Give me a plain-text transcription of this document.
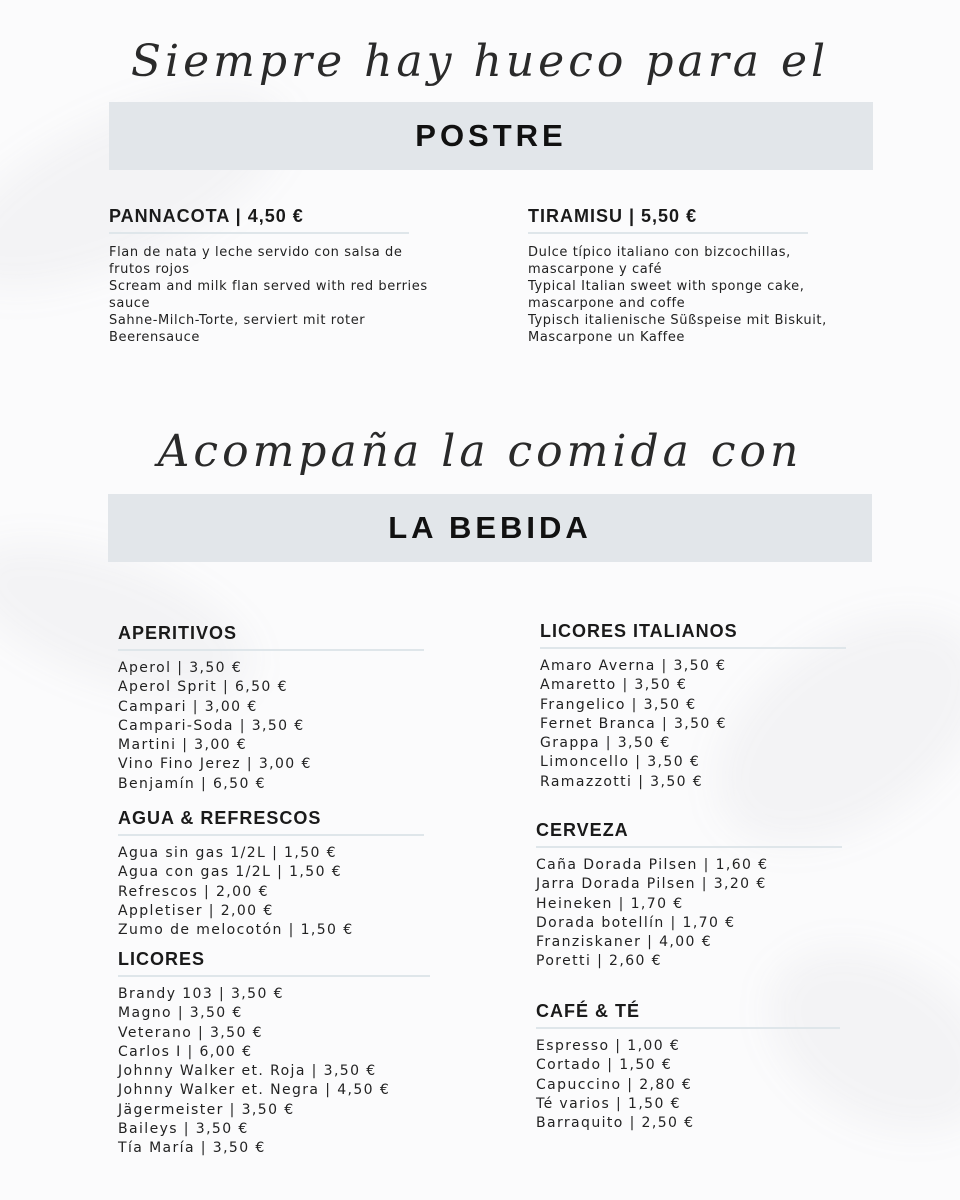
Siempre hay hueco para el
POSTRE
PANNACOTA | 4,50 €
Flan de nata y leche servido con salsa de
frutos rojos
Scream and milk flan served with red berries
sauce
Sahne-Milch-Torte, serviert mit roter
Beerensauce
TIRAMISU | 5,50 €
Dulce típico italiano con bizcochillas,
mascarpone y café
Typical Italian sweet with sponge cake,
mascarpone and coffe
Typisch italienische Süßspeise mit Biskuit,
Mascarpone un Kaffee
Acompaña la comida con
LA BEBIDA
APERITIVOS
Aperol | 3,50 €
Aperol Sprit | 6,50 €
Campari | 3,00 €
Campari-Soda | 3,50 €
Martini | 3,00 €
Vino Fino Jerez | 3,00 €
Benjamín | 6,50 €
AGUA & REFRESCOS
Agua sin gas 1/2L | 1,50 €
Agua con gas 1/2L | 1,50 €
Refrescos | 2,00 €
Appletiser | 2,00 €
Zumo de melocotón | 1,50 €
LICORES
Brandy 103 | 3,50 €
Magno | 3,50 €
Veterano | 3,50 €
Carlos I | 6,00 €
Johnny Walker et. Roja | 3,50 €
Johnny Walker et. Negra | 4,50 €
Jägermeister | 3,50 €
Baileys | 3,50 €
Tía María | 3,50 €
LICORES ITALIANOS
Amaro Averna | 3,50 €
Amaretto | 3,50 €
Frangelico | 3,50 €
Fernet Branca | 3,50 €
Grappa | 3,50 €
Limoncello | 3,50 €
Ramazzotti | 3,50 €
CERVEZA
Caña Dorada Pilsen | 1,60 €
Jarra Dorada Pilsen | 3,20 €
Heineken | 1,70 €
Dorada botellín | 1,70 €
Franziskaner | 4,00 €
Poretti | 2,60 €
CAFÉ & TÉ
Espresso | 1,00 €
Cortado | 1,50 €
Capuccino | 2,80 €
Té varios | 1,50 €
Barraquito | 2,50 €
